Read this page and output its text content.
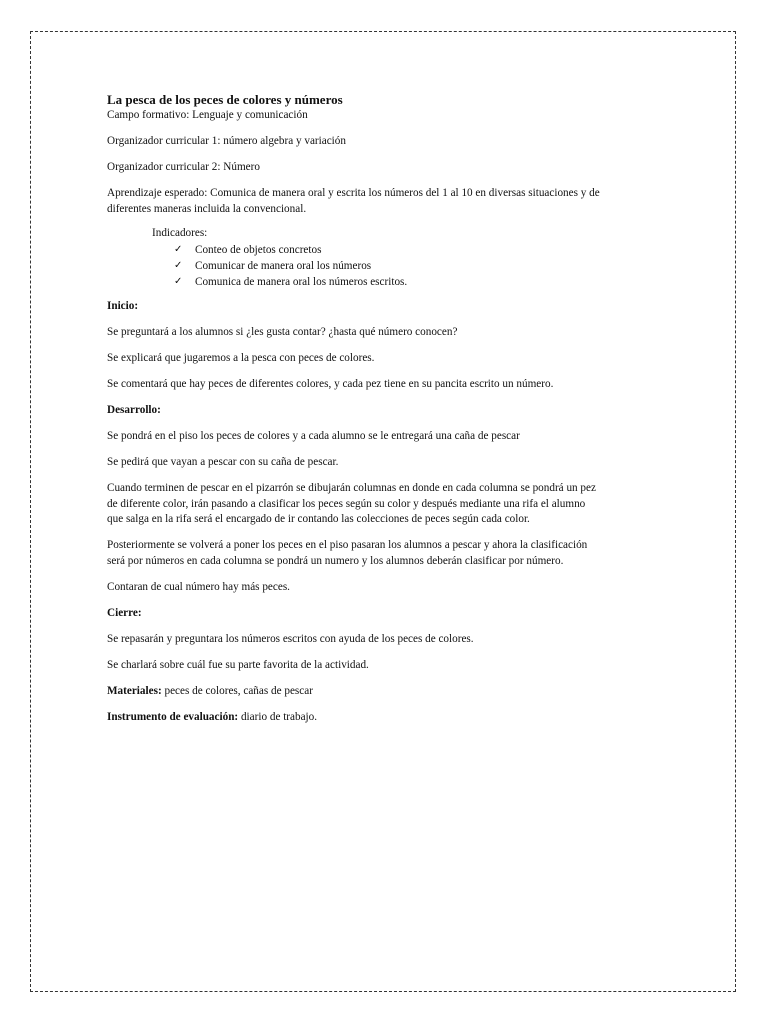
La pesca de los peces de colores y números

Campo formativo: Lenguaje y comunicación

Organizador curricular 1: número algebra y variación

Organizador curricular 2: Número

Aprendizaje esperado: Comunica de manera oral y escrita los números del 1 al 10 en diversas situaciones y de
diferentes maneras incluida la convencional.

Indicadores:
✓ Conteo de objetos concretos
✓ Comunicar de manera oral los números
✓ Comunica de manera oral los números escritos.

Inicio:

Se preguntará a los alumnos si ¿les gusta contar? ¿hasta qué número conocen?

Se explicará que jugaremos a la pesca con peces de colores.

Se comentará que hay peces de diferentes colores, y cada pez tiene en su pancita escrito un número.

Desarrollo:

Se pondrá en el piso los peces de colores y a cada alumno se le entregará una caña de pescar

Se pedirá que vayan a pescar con su caña de pescar.

Cuando terminen de pescar en el pizarrón se dibujarán columnas en donde en cada columna se pondrá un pez
de diferente color, irán pasando a clasificar los peces según su color y después mediante una rifa el alumno
que salga en la rifa será el encargado de ir contando las colecciones de peces según cada color.

Posteriormente se volverá a poner los peces en el piso pasaran los alumnos a pescar y ahora la clasificación
será por números en cada columna se pondrá un numero y los alumnos deberán clasificar por número.

Contaran de cual número hay más peces.

Cierre:

Se repasarán y preguntara los números escritos con ayuda de los peces de colores.

Se charlará sobre cuál fue su parte favorita de la actividad.

Materiales: peces de colores, cañas de pescar

Instrumento de evaluación: diario de trabajo.
